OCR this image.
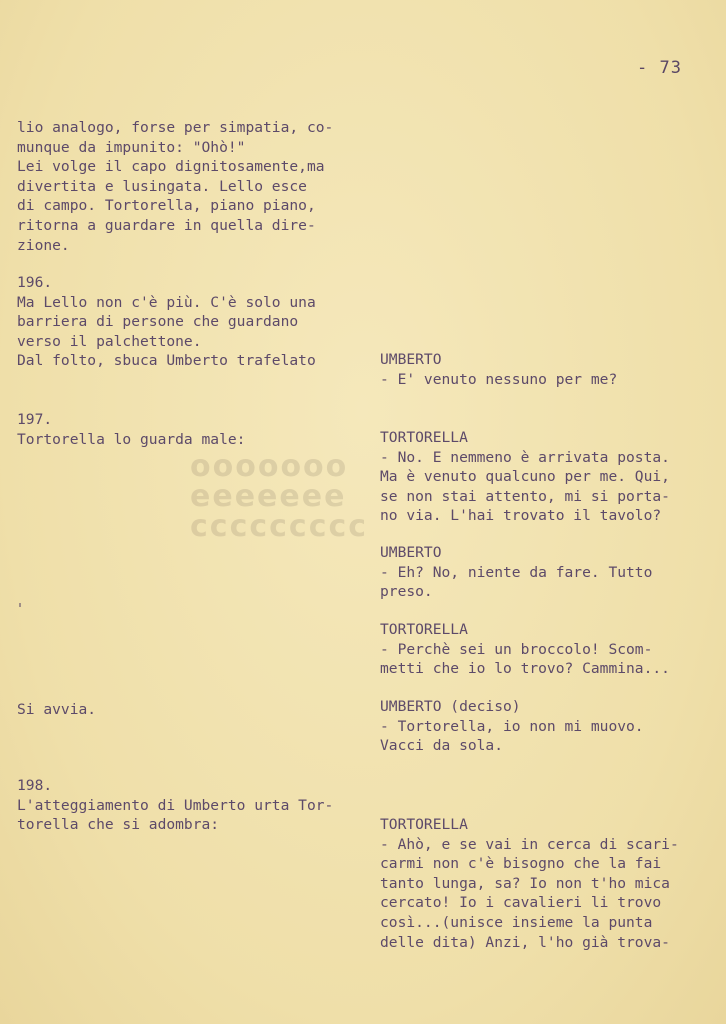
- 73
ooooooo
eeeeeee
ccccccccc

lio analogo, forse per simpatia, co-
munque da impunito: "Ohò!"
Lei volge il capo dignitosamente,ma
divertita e lusingata. Lello esce
di campo. Tortorella, piano piano,
ritorna a guardare in quella dire-
zione.

196.
Ma Lello non c'è più. C'è solo una
barriera di persone che guardano
verso il palchettone.
Dal folto, sbuca Umberto trafelato

197.
Tortorella lo guarda male:

Si avvia.

198.
L'atteggiamento di Umberto urta Tor-
torella che si adombra:

UMBERTO
- E' venuto nessuno per me?

TORTORELLA
- No. E nemmeno è arrivata posta.
Ma è venuto qualcuno per me. Qui,
se non stai attento, mi si porta-
no via. L'hai trovato il tavolo?

UMBERTO
- Eh? No, niente da fare. Tutto
preso.

TORTORELLA
- Perchè sei un broccolo! Scom-
metti che io lo trovo? Cammina...

UMBERTO (deciso)
- Tortorella, io non mi muovo.
Vacci da sola.

TORTORELLA
- Ahò, e se vai in cerca di scari-
carmi non c'è bisogno che la fai
tanto lunga, sa? Io non t'ho mica
cercato! Io i cavalieri li trovo
così...(unisce insieme la punta
delle dita) Anzi, l'ho già trova-
